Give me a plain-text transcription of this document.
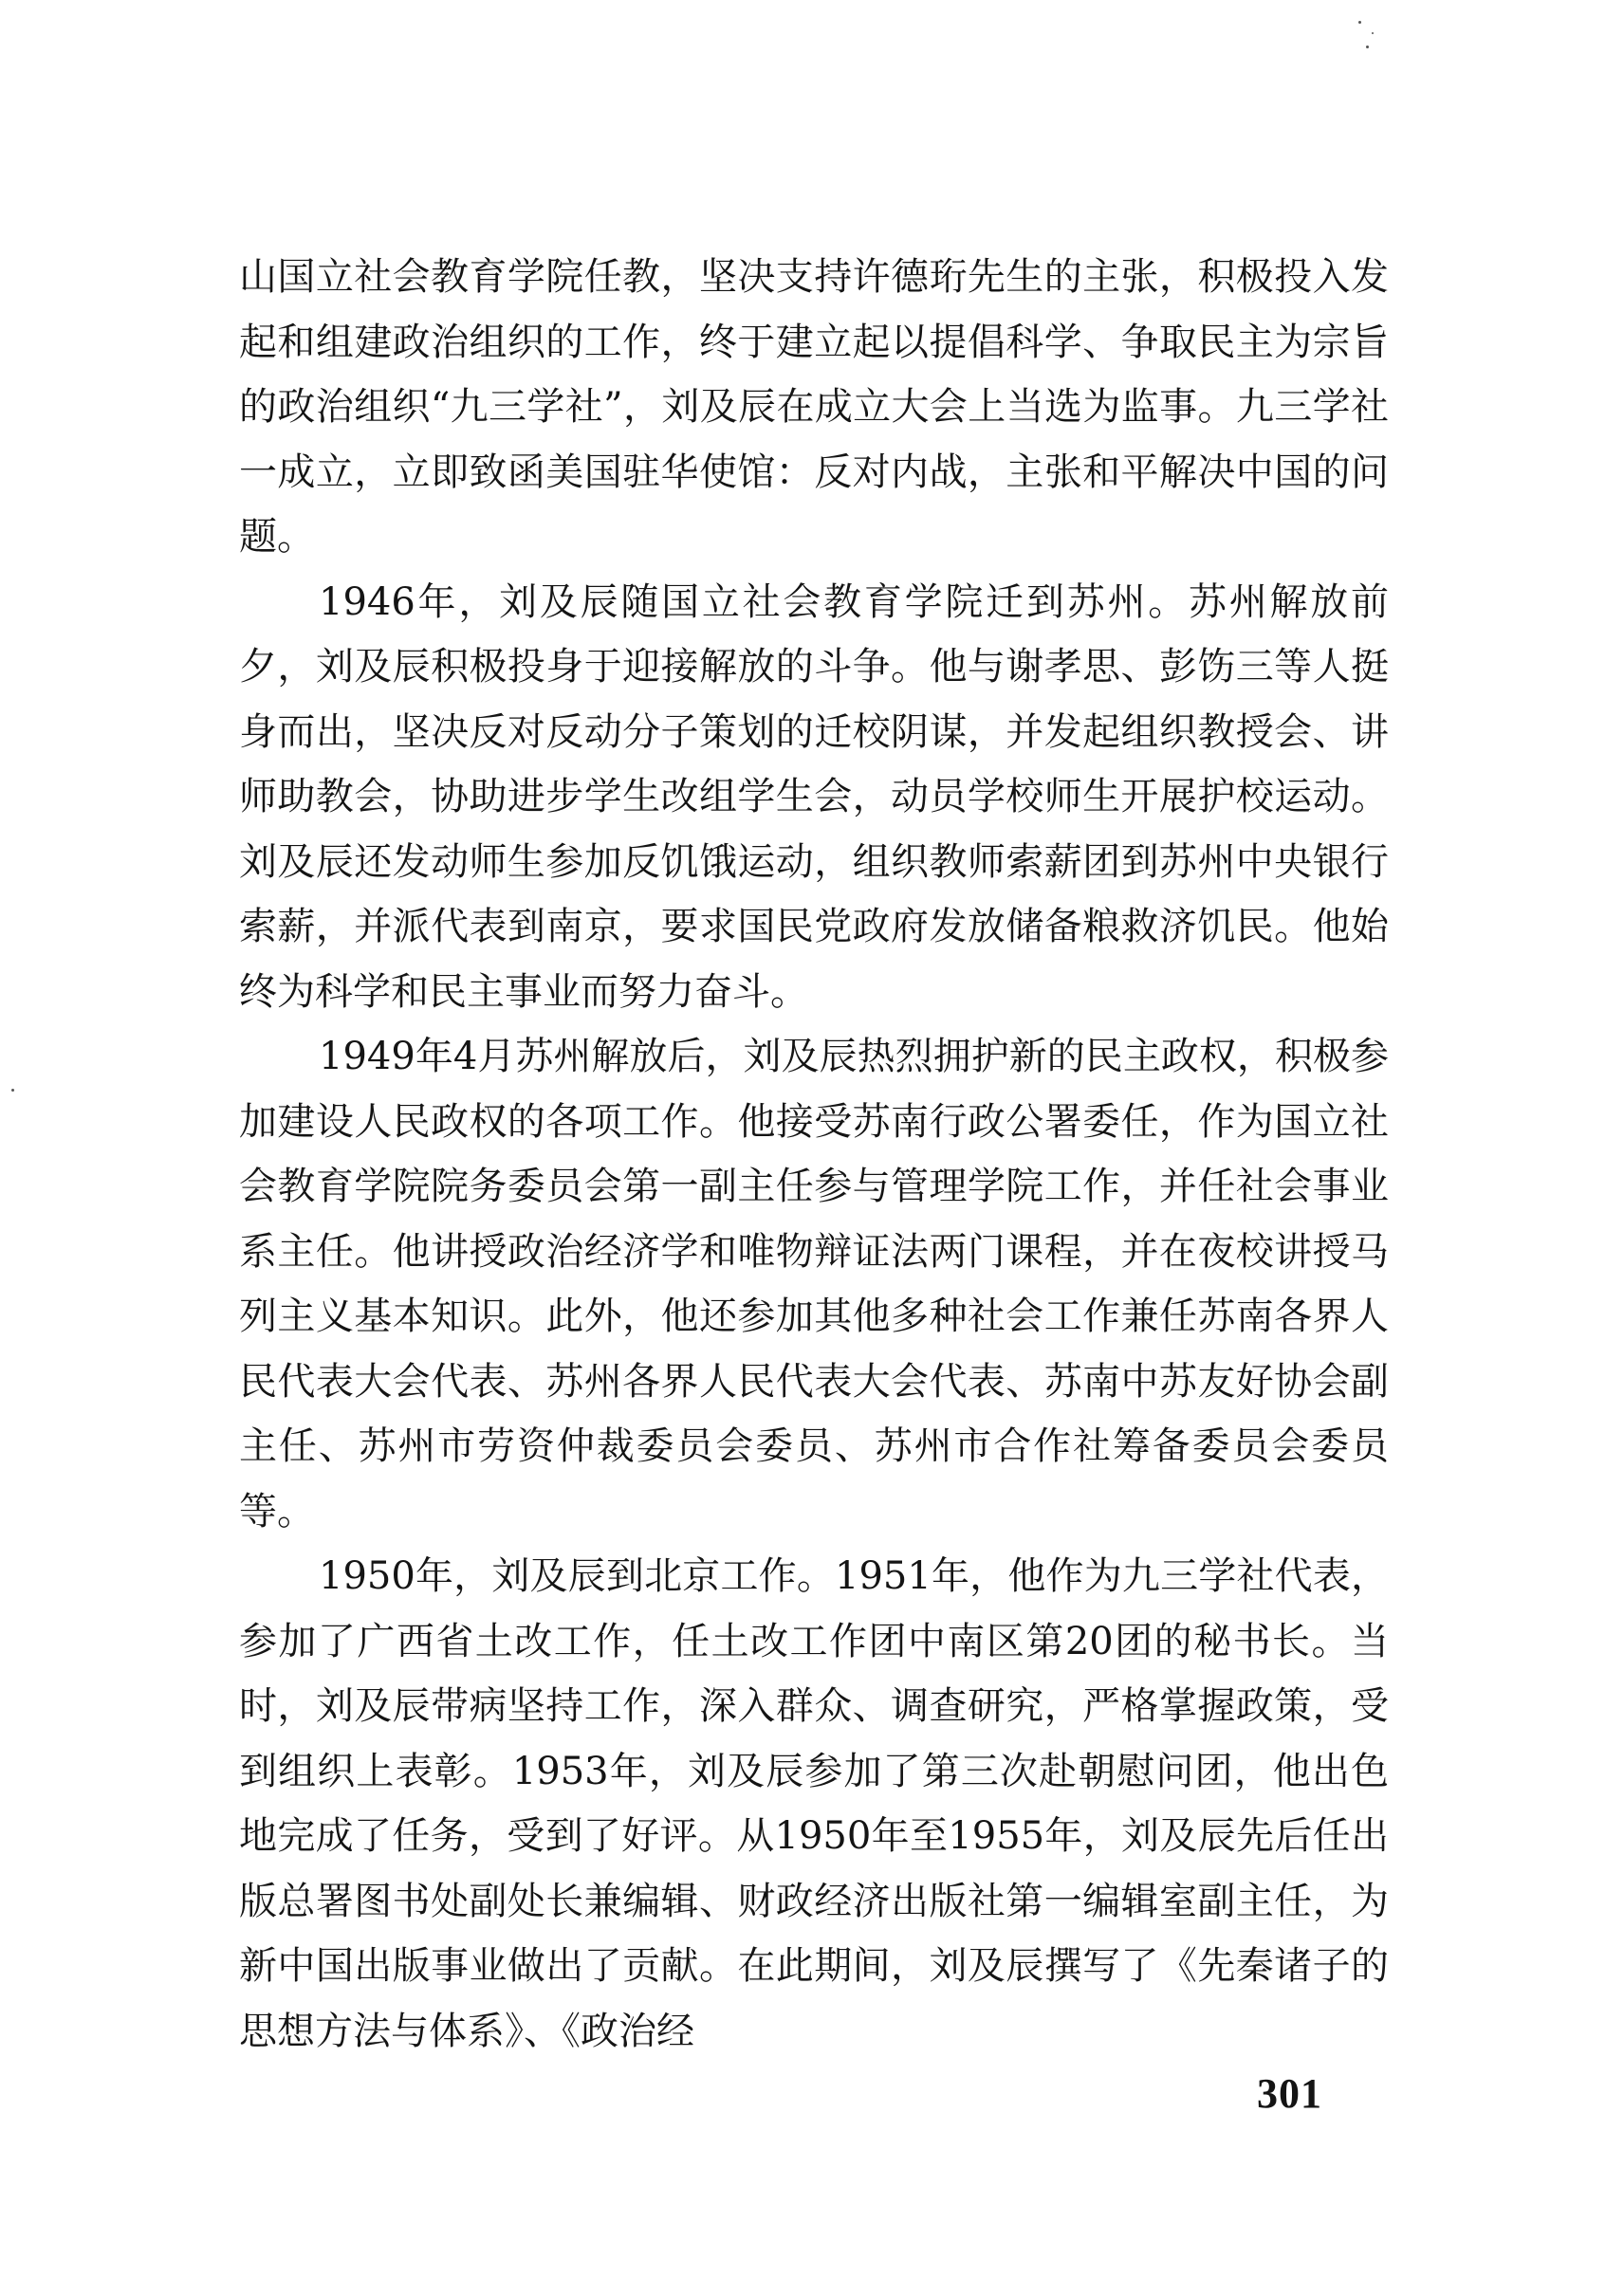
山国立社会教育学院任教，坚决支持许德珩先生的主张，积极投入发起和组建政治组织的工作，终于建立起以提倡科学、争取民主为宗旨的政治组织“九三学社”，刘及辰在成立大会上当选为监事。九三学社一成立，立即致函美国驻华使馆：反对内战，主张和平解决中国的问题。

1946年，刘及辰随国立社会教育学院迁到苏州。苏州解放前夕，刘及辰积极投身于迎接解放的斗争。他与谢孝思、彭饬三等人挺身而出，坚决反对反动分子策划的迁校阴谋，并发起组织教授会、讲师助教会，协助进步学生改组学生会，动员学校师生开展护校运动。刘及辰还发动师生参加反饥饿运动，组织教师索薪团到苏州中央银行索薪，并派代表到南京，要求国民党政府发放储备粮救济饥民。他始终为科学和民主事业而努力奋斗。

1949年4月苏州解放后，刘及辰热烈拥护新的民主政权，积极参加建设人民政权的各项工作。他接受苏南行政公署委任，作为国立社会教育学院院务委员会第一副主任参与管理学院工作，并任社会事业系主任。他讲授政治经济学和唯物辩证法两门课程，并在夜校讲授马列主义基本知识。此外，他还参加其他多种社会工作兼任苏南各界人民代表大会代表、苏州各界人民代表大会代表、苏南中苏友好协会副主任、苏州市劳资仲裁委员会委员、苏州市合作社筹备委员会委员等。

1950年，刘及辰到北京工作。1951年，他作为九三学社代表，参加了广西省土改工作，任土改工作团中南区第20团的秘书长。当时，刘及辰带病坚持工作，深入群众、调查研究，严格掌握政策，受到组织上表彰。1953年，刘及辰参加了第三次赴朝慰问团，他出色地完成了任务，受到了好评。从1950年至1955年，刘及辰先后任出版总署图书处副处长兼编辑、财政经济出版社第一编辑室副主任，为新中国出版事业做出了贡献。在此期间，刘及辰撰写了《先秦诸子的思想方法与体系》、《政治经

301
